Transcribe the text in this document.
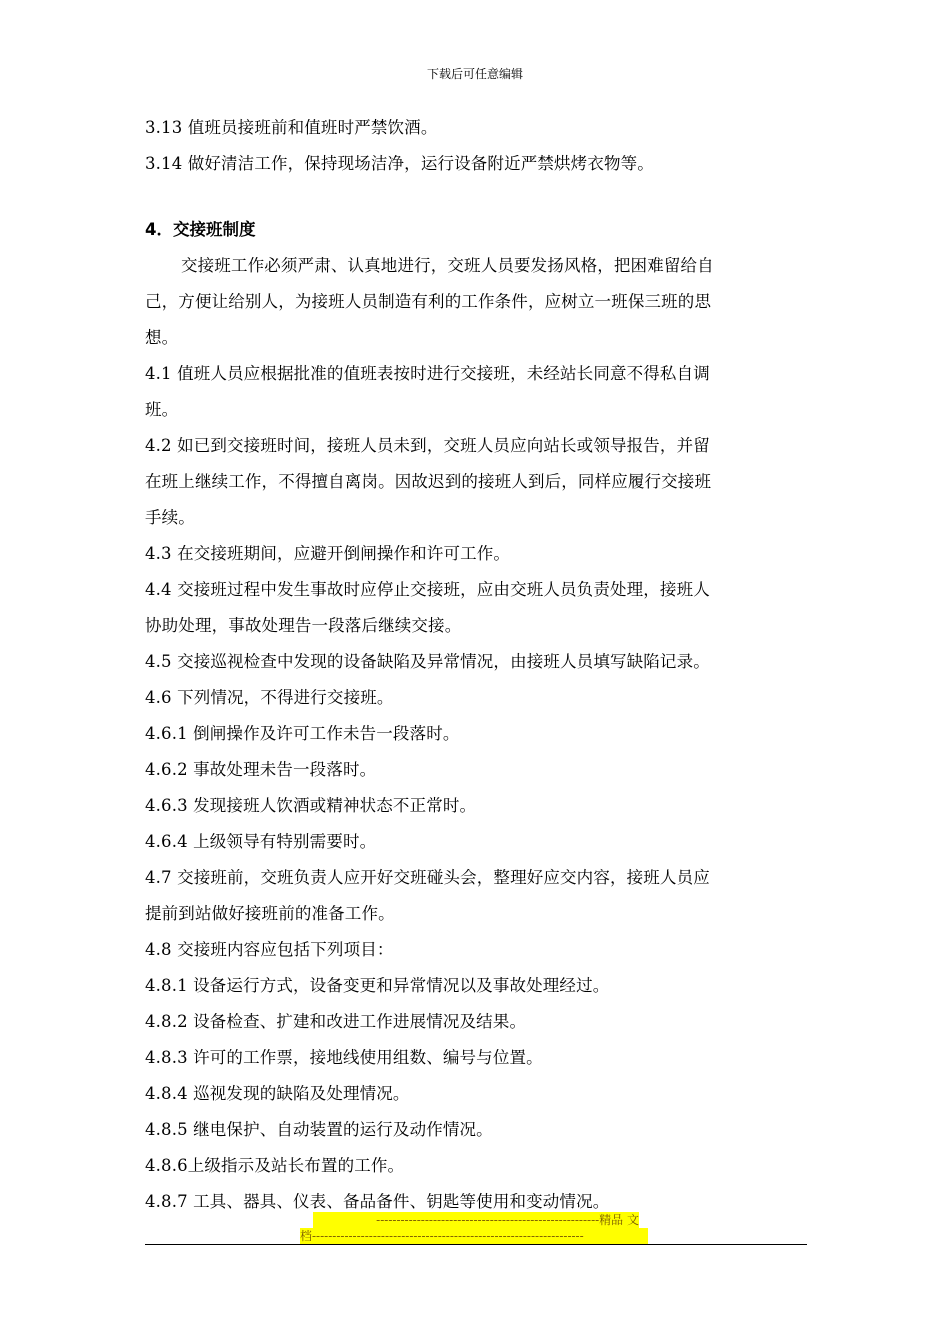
下载后可任意编辑
3.13 值班员接班前和值班时严禁饮酒。
3.14 做好清洁工作，保持现场洁净，运行设备附近严禁烘烤衣物等。
4．交接班制度
交接班工作必须严肃、认真地进行，交班人员要发扬风格，把困难留给自
己，方便让给别人，为接班人员制造有利的工作条件，应树立一班保三班的思
想。
4.1 值班人员应根据批准的值班表按时进行交接班，未经站长同意不得私自调
班。
4.2 如已到交接班时间，接班人员未到，交班人员应向站长或领导报告，并留
在班上继续工作，不得擅自离岗。因故迟到的接班人到后，同样应履行交接班
手续。
4.3 在交接班期间，应避开倒闸操作和许可工作。
4.4 交接班过程中发生事故时应停止交接班，应由交班人员负责处理，接班人
协助处理，事故处理告一段落后继续交接。
4.5 交接巡视检查中发现的设备缺陷及异常情况，由接班人员填写缺陷记录。
4.6 下列情况，不得进行交接班。
4.6.1 倒闸操作及许可工作未告一段落时。
4.6.2 事故处理未告一段落时。
4.6.3 发现接班人饮酒或精神状态不正常时。
4.6.4 上级领导有特别需要时。
4.7 交接班前，交班负责人应开好交班碰头会，整理好应交内容，接班人员应
提前到站做好接班前的准备工作。
4.8 交接班内容应包括下列项目：
4.8.1 设备运行方式，设备变更和异常情况以及事故处理经过。
4.8.2 设备检查、扩建和改进工作进展情况及结果。
4.8.3 许可的工作票，接地线使用组数、编号与位置。
4.8.4 巡视发现的缺陷及处理情况。
4.8.5 继电保护、自动装置的运行及动作情况。
4.8.6上级指示及站长布置的工作。
4.8.7 工具、器具、仪表、备品备件、钥匙等使用和变动情况。
-------------------------------------------------------精品 文
档-------------------------------------------------------------------
